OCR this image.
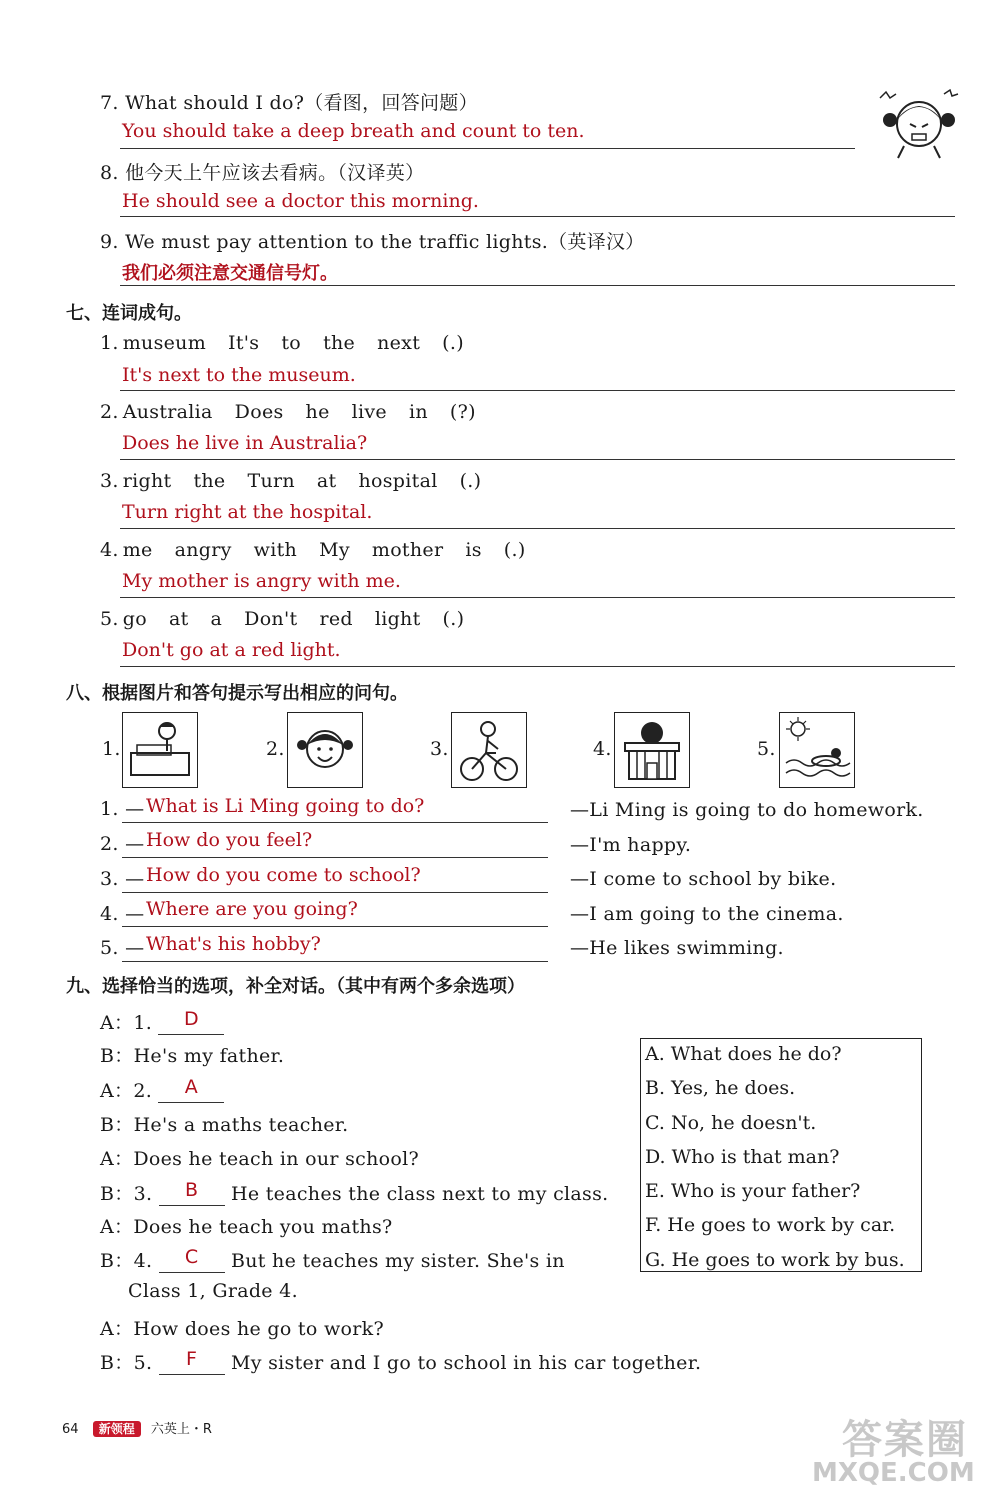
7. What should I do?（看图，回答问题）
You should take a deep breath and count to ten.
8. 他今天上午应该去看病。（汉译英）
He should see a doctor this morning.
9. We must pay attention to the traffic lights.（英译汉）
我们必须注意交通信号灯。
七、连词成句。
1. museum It's to the next (.)
It's next to the museum.
2. Australia Does he live in (?)
Does he live in Australia?
3. right the Turn at hospital (.)
Turn right at the hospital.
4. me angry with My mother is (.)
My mother is angry with me.
5. go at a Don't red light (.)
Don't go at a red light.
八、根据图片和答句提示写出相应的问句。
1.	2.	3.	4.	5.
1. — What is Li Ming going to do?	—Li Ming is going to do homework.
2. — How do you feel?	—I'm happy.
3. — How do you come to school?	—I come to school by bike.
4. — Where are you going?	—I am going to the cinema.
5. — What's his hobby?	—He likes swimming.
九、选择恰当的选项，补全对话。（其中有两个多余选项）
A：1.	D
B：He's my father.
A：2.	A
B：He's a maths teacher.
A：Does he teach in our school?
B：3.	B	He teaches the class next to my class.
A：Does he teach you maths?
B：4.	C	But he teaches my sister. She's in
Class 1, Grade 4.
A：How does he go to work?
B：5.	F	My sister and I go to school in his car together.
A. What does he do?
B. Yes, he does.
C. No, he doesn't.
D. Who is that man?
E. Who is your father?
F. He goes to work by car.
G. He goes to work by bus.
64 新领程 六英上・R	答案圈
MXQE.COM
